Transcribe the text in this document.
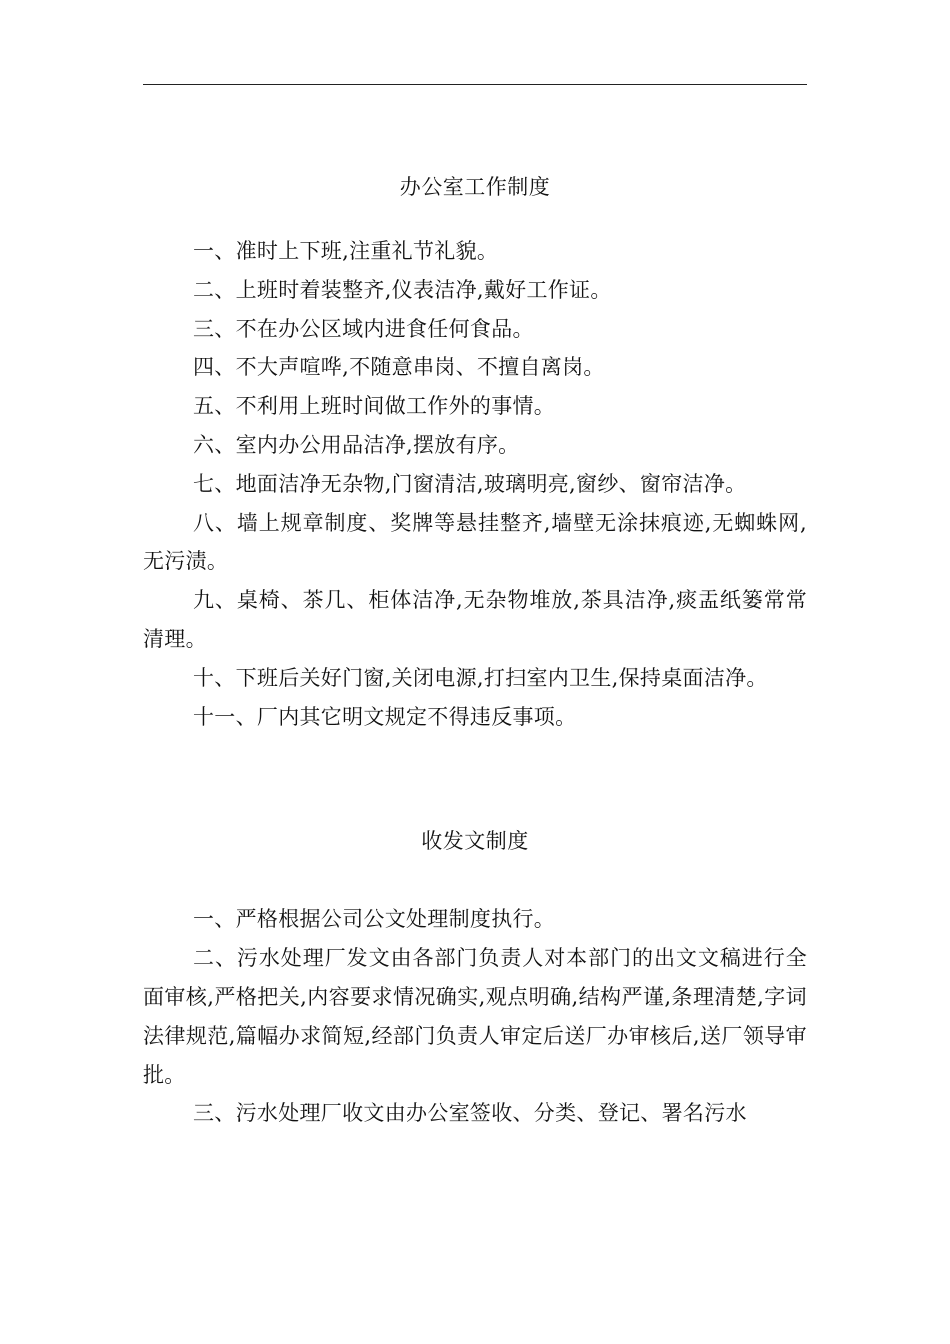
办公室工作制度

一、准时上下班,注重礼节礼貌。

二、上班时着装整齐,仪表洁净,戴好工作证。

三、不在办公区域内进食任何食品。

四、不大声喧哗,不随意串岗、不擅自离岗。

五、不利用上班时间做工作外的事情。

六、室内办公用品洁净,摆放有序。

七、地面洁净无杂物,门窗清洁,玻璃明亮,窗纱、窗帘洁净。

八、墙上规章制度、奖牌等悬挂整齐,墙壁无涂抹痕迹,无蜘蛛网,无污渍。

九、桌椅、茶几、柜体洁净,无杂物堆放,茶具洁净,痰盂纸篓常常清理。

十、下班后关好门窗,关闭电源,打扫室内卫生,保持桌面洁净。

十一、厂内其它明文规定不得违反事项。

收发文制度

一、严格根据公司公文处理制度执行。

二、污水处理厂发文由各部门负责人对本部门的出文文稿进行全面审核,严格把关,内容要求情况确实,观点明确,结构严谨,条理清楚,字词法律规范,篇幅办求简短,经部门负责人审定后送厂办审核后,送厂领导审批。

三、污水处理厂收文由办公室签收、分类、登记、署名污水
